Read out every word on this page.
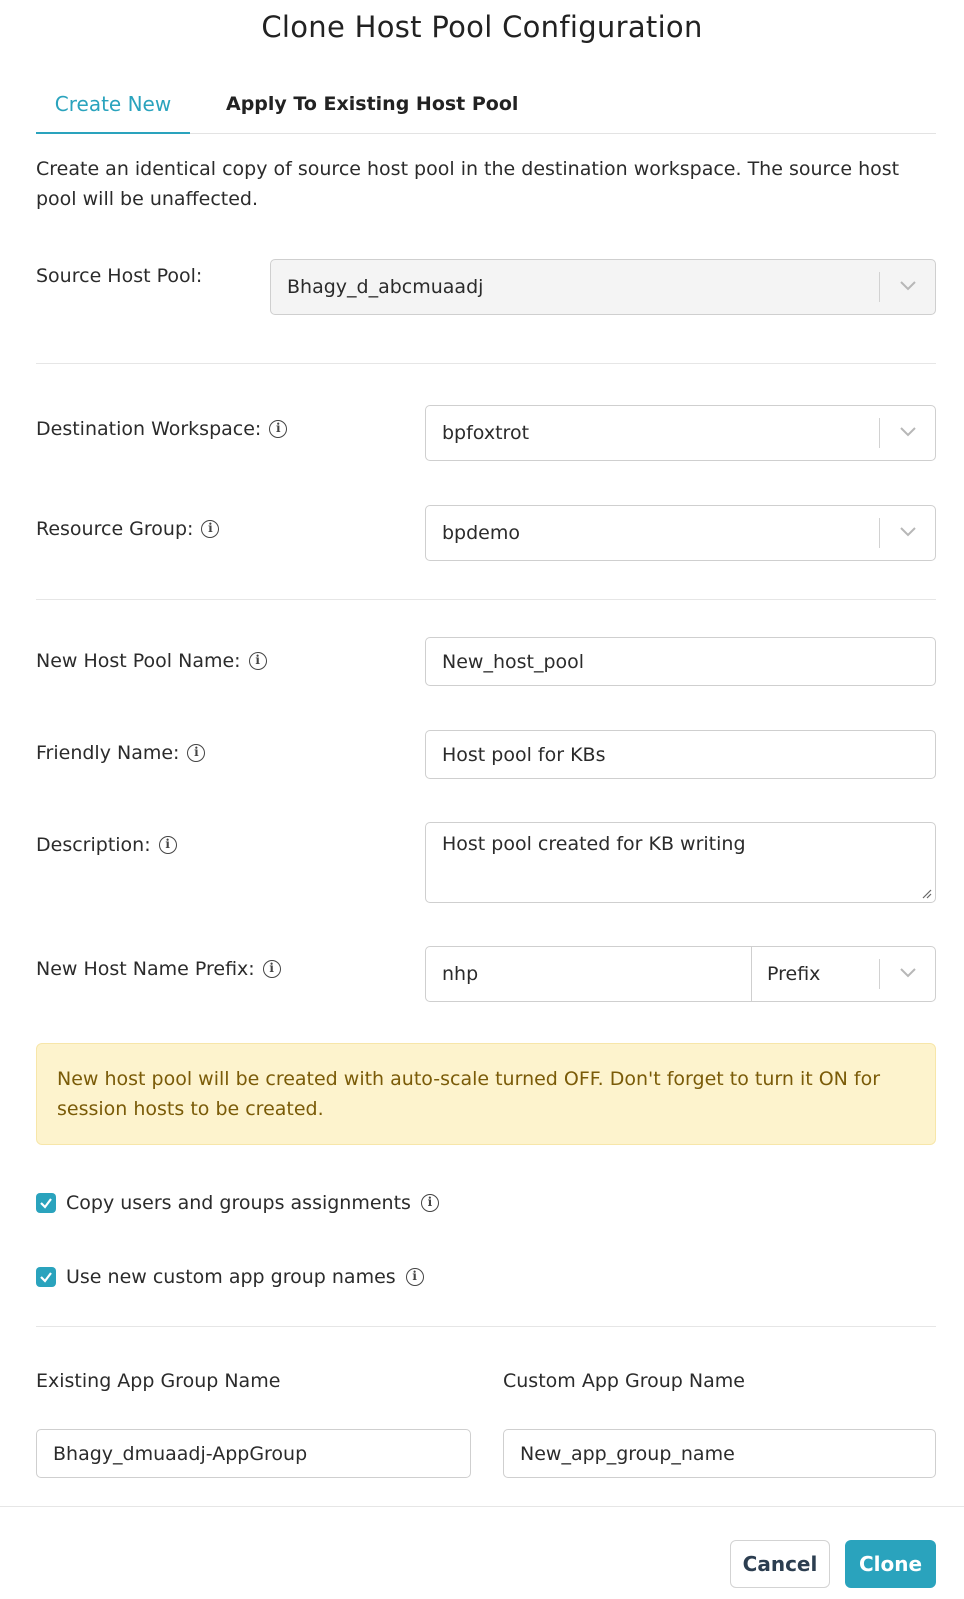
Clone Host Pool Configuration
Create New	Apply To Existing Host Pool
Create an identical copy of source host pool in the destination workspace. The source host pool will be unaffected.
Source Host Pool:	Bhagy_d_abcmuaadj
Destination Workspace:	i	bpfoxtrot
Resource Group:	i	bpdemo
New Host Pool Name:	i	New_host_pool
Friendly Name:	i	Host pool for KBs
Description:	i	Host pool created for KB writing
New Host Name Prefix:	i	nhp	Prefix
New host pool will be created with auto-scale turned OFF. Don't forget to turn it ON for session hosts to be created.
Copy users and groups assignments	i
Use new custom app group names	i
Existing App Group Name	Custom App Group Name
Bhagy_dmuaadj-AppGroup	New_app_group_name
Cancel	Clone
